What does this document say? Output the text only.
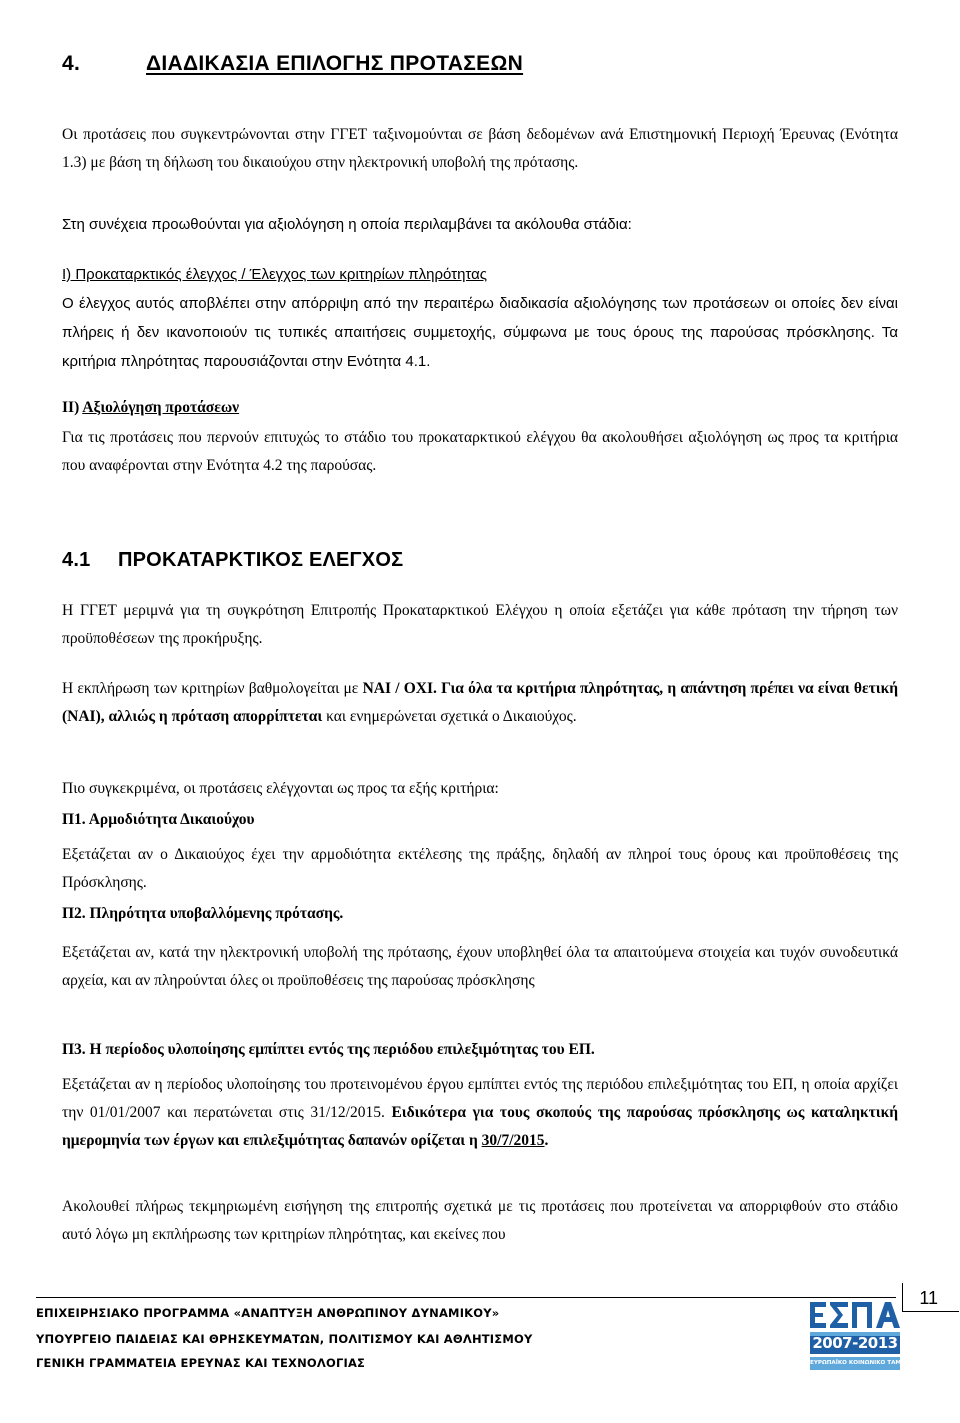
4.	ΔΙΑΔΙΚΑΣΙΑ ΕΠΙΛΟΓΗΣ ΠΡΟΤΑΣΕΩΝ
Οι προτάσεις που συγκεντρώνονται στην ΓΓΕΤ ταξινομούνται σε βάση δεδομένων ανά Επιστημονική Περιοχή Έρευνας (Ενότητα 1.3) με βάση τη δήλωση του δικαιούχου στην ηλεκτρονική υποβολή της πρότασης.
Στη συνέχεια προωθούνται για αξιολόγηση η οποία περιλαμβάνει τα ακόλουθα στάδια:
Ι) Προκαταρκτικός έλεγχος / Έλεγχος των κριτηρίων πληρότητας
Ο έλεγχος αυτός αποβλέπει στην απόρριψη από την περαιτέρω διαδικασία αξιολόγησης των προτάσεων οι οποίες δεν είναι πλήρεις ή δεν ικανοποιούν τις τυπικές απαιτήσεις συμμετοχής, σύμφωνα με τους όρους της παρούσας πρόσκλησης. Τα κριτήρια πληρότητας παρουσιάζονται στην Ενότητα 4.1.
ΙΙ) Αξιολόγηση προτάσεων
Για τις προτάσεις που περνούν επιτυχώς το στάδιο του προκαταρκτικού ελέγχου θα ακολουθήσει αξιολόγηση ως προς τα κριτήρια που αναφέρονται στην Ενότητα 4.2 της παρούσας.
4.1 ΠΡΟΚΑΤΑΡΚΤΙΚΟΣ ΕΛΕΓΧΟΣ
Η ΓΓΕΤ μεριμνά για τη συγκρότηση Επιτροπής Προκαταρκτικού Ελέγχου η οποία εξετάζει για κάθε πρόταση την τήρηση των προϋποθέσεων της προκήρυξης.
Η εκπλήρωση των κριτηρίων βαθμολογείται με ΝΑΙ / ΟΧΙ. Για όλα τα κριτήρια πληρότητας, η απάντηση πρέπει να είναι θετική (ΝΑΙ), αλλιώς η πρόταση απορρίπτεται και ενημερώνεται σχετικά ο Δικαιούχος.
Πιο συγκεκριμένα, οι προτάσεις ελέγχονται ως προς τα εξής κριτήρια:
Π1. Αρμοδιότητα Δικαιούχου
Εξετάζεται αν ο Δικαιούχος έχει την αρμοδιότητα εκτέλεσης της πράξης, δηλαδή αν πληροί τους όρους και προϋποθέσεις της Πρόσκλησης.
Π2. Πληρότητα υποβαλλόμενης πρότασης.
Εξετάζεται αν, κατά την ηλεκτρονική υποβολή της πρότασης, έχουν υποβληθεί όλα τα απαιτούμενα στοιχεία και τυχόν συνοδευτικά αρχεία, και αν πληρούνται όλες οι προϋποθέσεις της παρούσας πρόσκλησης
Π3. Η περίοδος υλοποίησης εμπίπτει εντός της περιόδου επιλεξιμότητας του ΕΠ.
Εξετάζεται αν η περίοδος υλοποίησης του προτεινομένου έργου εμπίπτει εντός της περιόδου επιλεξιμότητας του ΕΠ, η οποία αρχίζει την 01/01/2007 και περατώνεται στις 31/12/2015. Ειδικότερα για τους σκοπούς της παρούσας πρόσκλησης ως καταληκτική ημερομηνία των έργων και επιλεξιμότητας δαπανών ορίζεται η 30/7/2015.
Ακολουθεί πλήρως τεκμηριωμένη εισήγηση της επιτροπής σχετικά με τις προτάσεις που προτείνεται να απορριφθούν στο στάδιο αυτό λόγω μη εκπλήρωσης των κριτηρίων πληρότητας, και εκείνες που
11
ΕΠΙΧΕΙΡΗΣΙΑΚΟ ΠΡΟΓΡΑΜΜΑ «ΑΝΑΠΤΥΞΗ ΑΝΘΡΩΠΙΝΟΥ ΔΥΝΑΜΙΚΟΥ»
ΥΠΟΥΡΓΕΙΟ ΠΑΙΔΕΙΑΣ ΚΑΙ ΘΡΗΣΚΕΥΜΑΤΩΝ, ΠΟΛΙΤΙΣΜΟΥ ΚΑΙ ΑΘΛΗΤΙΣΜΟΥ
ΓΕΝΙΚΗ ΓΡΑΜΜΑΤΕΙΑ ΕΡΕΥΝΑΣ ΚΑΙ ΤΕΧΝΟΛΟΓΙΑΣ
2007-2013
ΕΥΡΩΠΑΪΚΟ ΚΟΙΝΩΝΙΚΟ ΤΑΜΕΙΟ
